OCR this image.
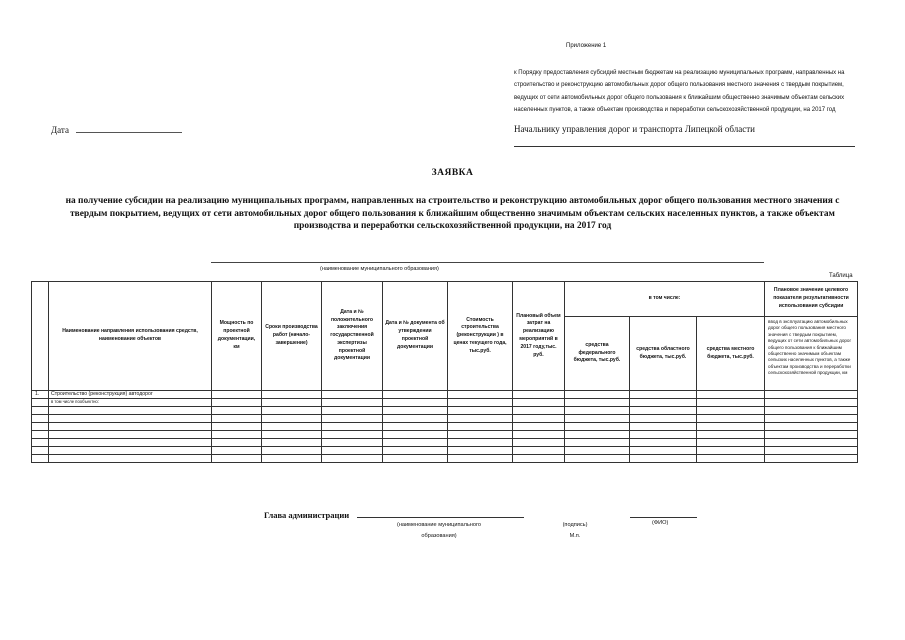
Приложение 1
к Порядку предоставления субсидий местным бюджетам на реализацию муниципальных программ, направленных на строительство и реконструкцию автомобильных дорог общего пользования местного значения с твердым покрытием, ведущих от сети автомобильных дорог общего пользования к ближайшим общественно значимым объектам сельских населенных пунктов, а также объектам производства и переработки сельскохозяйственной продукции, на 2017 год
Дата	Начальнику управления дорог и транспорта Липецкой области
ЗАЯВКА
на получение субсидии на реализацию муниципальных программ, направленных на строительство и реконструкцию автомобильных дорог общего пользования местного значения с твердым покрытием, ведущих от сети автомобильных дорог общего пользования к ближайшим общественно значимым объектам сельских населенных пунктов, а также объектам производства и переработки сельскохозяйственной продукции, на 2017 год
(наименование муниципального образования)
Таблица
	Наименование направления использования средств, наименование объектов	Мощность по проектной документации, км	Сроки производства работ (начало-завершение)	Дата и № положительного заключения государственной экспертизы проектной документации	Дата и № документа об утверждении проектной документации	Стоимость строительства (реконструкции ) в ценах текущего года, тыс.руб.	Плановый объем затрат на реализацию мероприятий в 2017 году,тыс. руб.	в том числе:			Плановое значение целевого показателя результативности использования субсидии
								средства федерального бюджета, тыс.руб.	средства областного бюджета, тыс.руб.	средства местного бюджета, тыс.руб.	ввод в эксплуатацию автомобильных дорог общего пользования местного значения с твердым покрытием, ведущих от сети автомобильных дорог общего пользования к ближайшим общественно значимым объектам сельских населенных пунктов, а также объектам производства и переработки сельскохозяйственной продукции, км
1.	Строительство (реконструкция) автодорог										
	в том числе пообъектно:										

Глава администрации
(наименование муниципального образования)
(подпись) М.п.
(ФИО)
